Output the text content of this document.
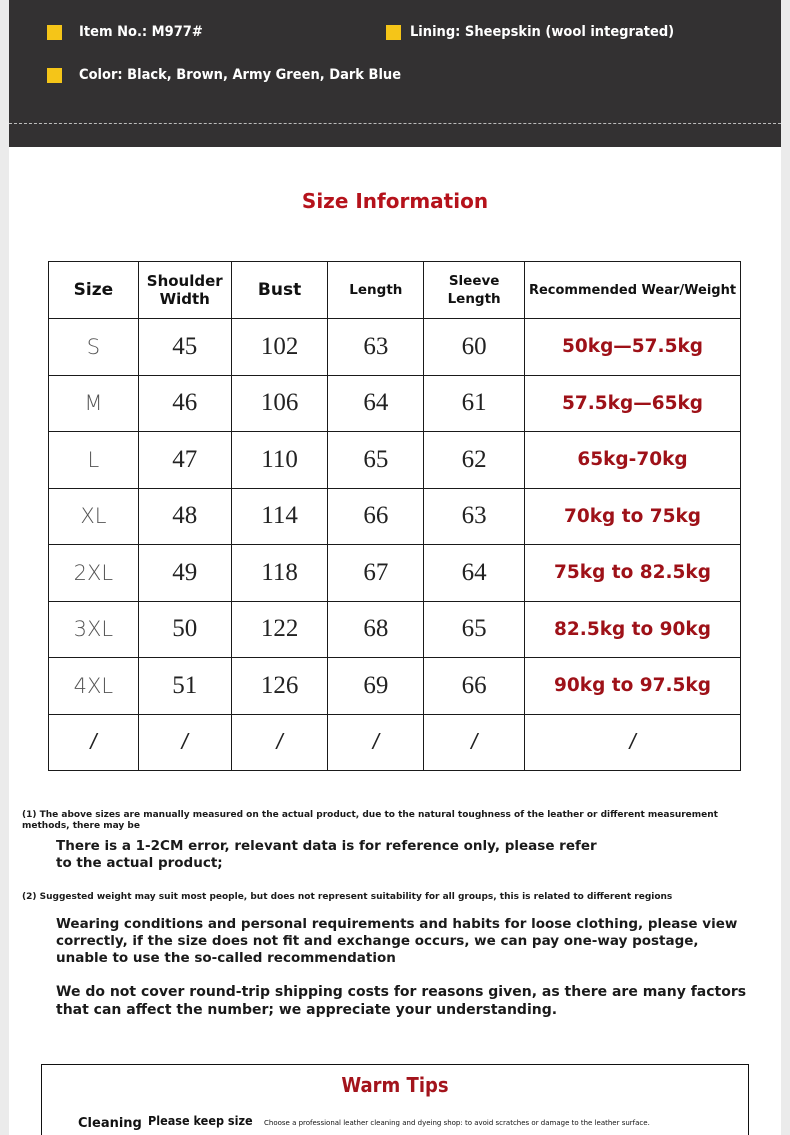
Item No.: M977#	Lining: Sheepskin (wool integrated)
Color: Black, Brown, Army Green, Dark Blue
Size Information
Size	Shoulder Width	Bust	Length	Sleeve Length	Recommended Wear/Weight
S	45	102	63	60	50kg—57.5kg
M	46	106	64	61	57.5kg—65kg
L	47	110	65	62	65kg-70kg
XL	48	114	66	63	70kg to 75kg
2XL	49	118	67	64	75kg to 82.5kg
3XL	50	122	68	65	82.5kg to 90kg
4XL	51	126	69	66	90kg to 97.5kg
/	/	/	/	/	/
(1) The above sizes are manually measured on the actual product, due to the natural toughness of the leather or different measurement methods, there may be
There is a 1-2CM error, relevant data is for reference only, please refer to the actual product;
(2) Suggested weight may suit most people, but does not represent suitability for all groups, this is related to different regions
Wearing conditions and personal requirements and habits for loose clothing, please view correctly, if the size does not fit and exchange occurs, we can pay one-way postage, unable to use the so-called recommendation
We do not cover round-trip shipping costs for reasons given, as there are many factors that can affect the number; we appreciate your understanding.
Warm Tips
Cleaning Please keep size Choose a professional leather cleaning and dyeing shop: to avoid scratches or damage to the leather surface.
